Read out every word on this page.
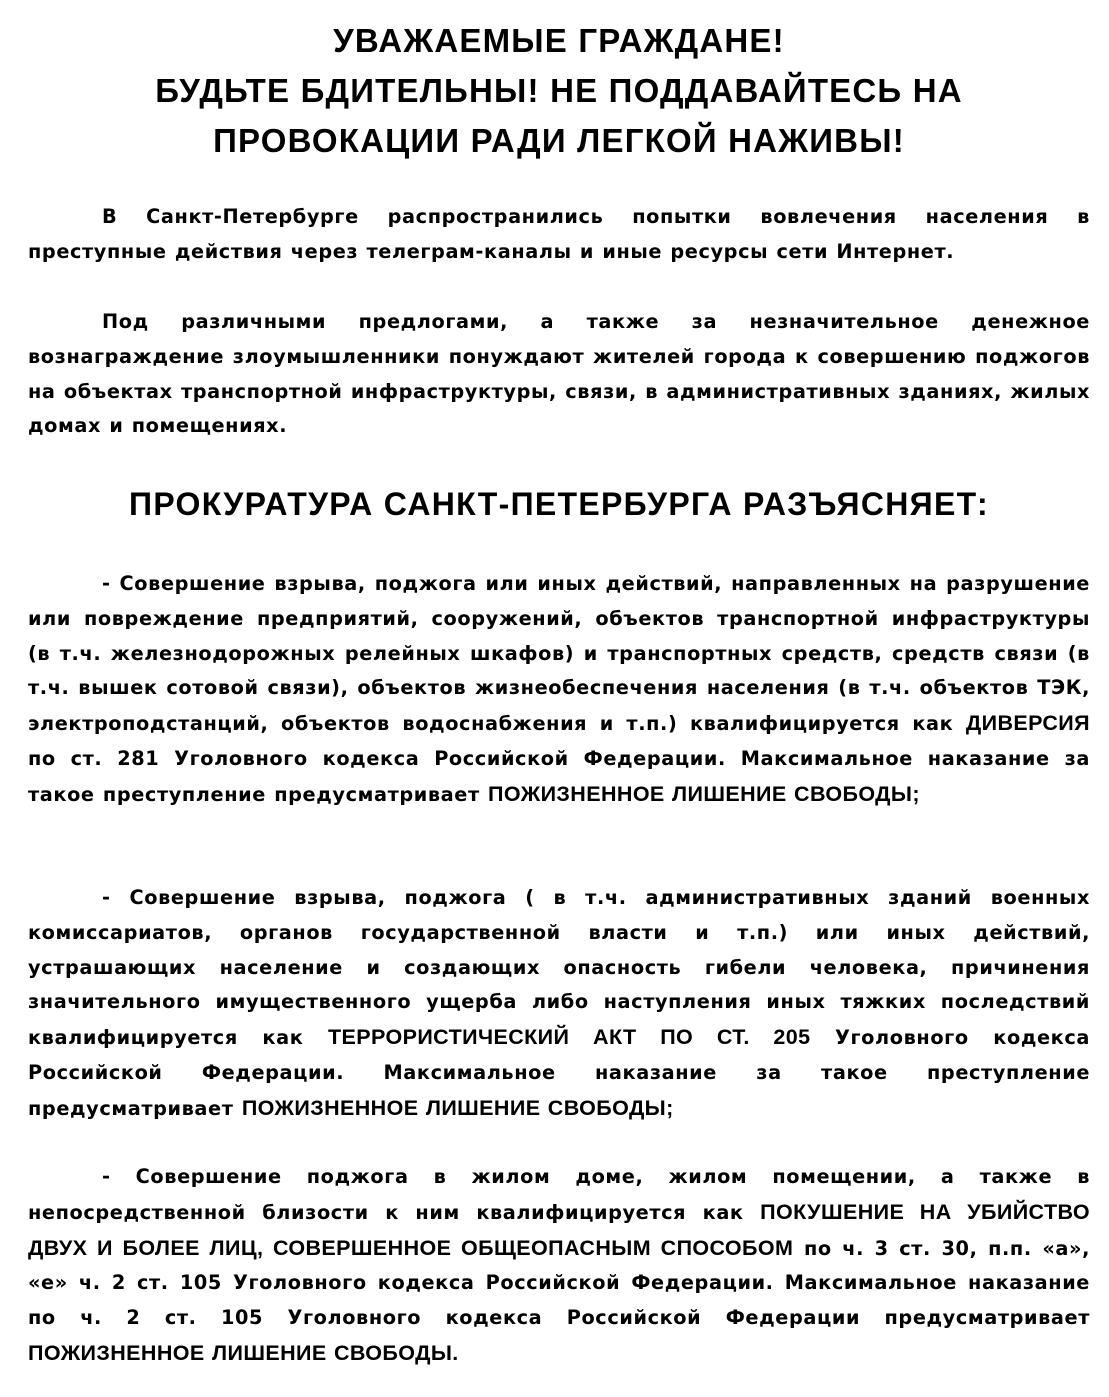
УВАЖАЕМЫЕ ГРАЖДАНЕ!
БУДЬТЕ БДИТЕЛЬНЫ! НЕ ПОДДАВАЙТЕСЬ НА
ПРОВОКАЦИИ РАДИ ЛЕГКОЙ НАЖИВЫ!

В Санкт-Петербурге распространились попытки вовлечения населения в преступные действия через телеграм-каналы и иные ресурсы сети Интернет.

Под различными предлогами, а также за незначительное денежное вознаграждение злоумышленники понуждают жителей города к совершению поджогов на объектах транспортной инфраструктуры, связи, в административных зданиях, жилых домах и помещениях.

ПРОКУРАТУРА САНКТ-ПЕТЕРБУРГА РАЗЪЯСНЯЕТ:

- Совершение взрыва, поджога или иных действий, направленных на разрушение или повреждение предприятий, сооружений, объектов транспортной инфраструктуры (в т.ч. железнодорожных релейных шкафов) и транспортных средств, средств связи (в т.ч. вышек сотовой связи), объектов жизнеобеспечения населения (в т.ч. объектов ТЭК, электроподстанций, объектов водоснабжения и т.п.) квалифицируется как ДИВЕРСИЯ по ст. 281 Уголовного кодекса Российской Федерации. Максимальное наказание за такое преступление предусматривает ПОЖИЗНЕННОЕ ЛИШЕНИЕ СВОБОДЫ;

- Совершение взрыва, поджога ( в т.ч. административных зданий военных комиссариатов, органов государственной власти и т.п.) или иных действий, устрашающих население и создающих опасность гибели человека, причинения значительного имущественного ущерба либо наступления иных тяжких последствий квалифицируется как ТЕРРОРИСТИЧЕСКИЙ АКТ ПО СТ. 205 Уголовного кодекса Российской Федерации. Максимальное наказание за такое преступление предусматривает ПОЖИЗНЕННОЕ ЛИШЕНИЕ СВОБОДЫ;

- Совершение поджога в жилом доме, жилом помещении, а также в непосредственной близости к ним квалифицируется как ПОКУШЕНИЕ НА УБИЙСТВО ДВУХ И БОЛЕЕ ЛИЦ, СОВЕРШЕННОЕ ОБЩЕОПАСНЫМ СПОСОБОМ по ч. 3 ст. 30, п.п. «а», «е» ч. 2 ст. 105 Уголовного кодекса Российской Федерации. Максимальное наказание по ч. 2 ст. 105 Уголовного кодекса Российской Федерации предусматривает ПОЖИЗНЕННОЕ ЛИШЕНИЕ СВОБОДЫ.
